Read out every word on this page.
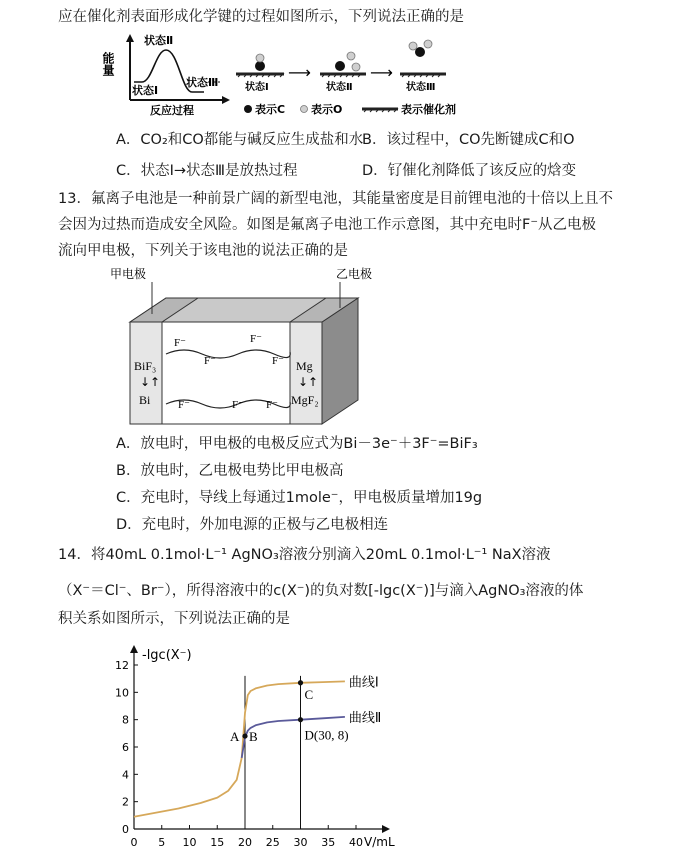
应在催化剂表面形成化学键的过程如图所示，下列说法正确的是
能量
状态Ⅱ
状态Ⅰ
状态Ⅲ
反应过程
状态Ⅰ
⟶
状态Ⅱ
⟶
状态Ⅲ
表示C 表示O	表示催化剂
A．CO₂和CO都能与碱反应生成盐和水
B．该过程中，CO先断键成C和O
C．状态Ⅰ→状态Ⅲ是放热过程	D．钌催化剂降低了该反应的焓变
13．氟离子电池是一种前景广阔的新型电池，其能量密度是目前锂电池的十倍以上且不
会因为过热而造成安全风险。如图是氟离子电池工作示意图，其中充电时F⁻从乙电极
流向甲电极，下列关于该电池的说法正确的是
甲电极	乙电极
BiF₃
↓↑
Bi
Mg
↓↑
MgF₂
F⁻
F⁻
F⁻
F⁻
F⁻	F⁻ F⁻
A．放电时，甲电极的电极反应式为Bi－3e⁻＋3F⁻=BiF₃
B．放电时，乙电极电势比甲电极高
C．充电时，导线上每通过1mole⁻，甲电极质量增加19g
D．充电时，外加电源的正极与乙电极相连
14．将40mL 0.1mol·L⁻¹ AgNO₃溶液分别滴入20mL 0.1mol·L⁻¹ NaX溶液
（X⁻＝Cl⁻、Br⁻），所得溶液中的c(X⁻)的负对数[-lgc(X⁻)]与滴入AgNO₃溶液的体
积关系如图所示，下列说法正确的是
-lgc(X⁻)
V/mL
0 5 10 15 20 25 30 35 40
0
2
4
6
8
10
12
曲线Ⅰ
曲线Ⅱ
A B
C
D(30, 8)
